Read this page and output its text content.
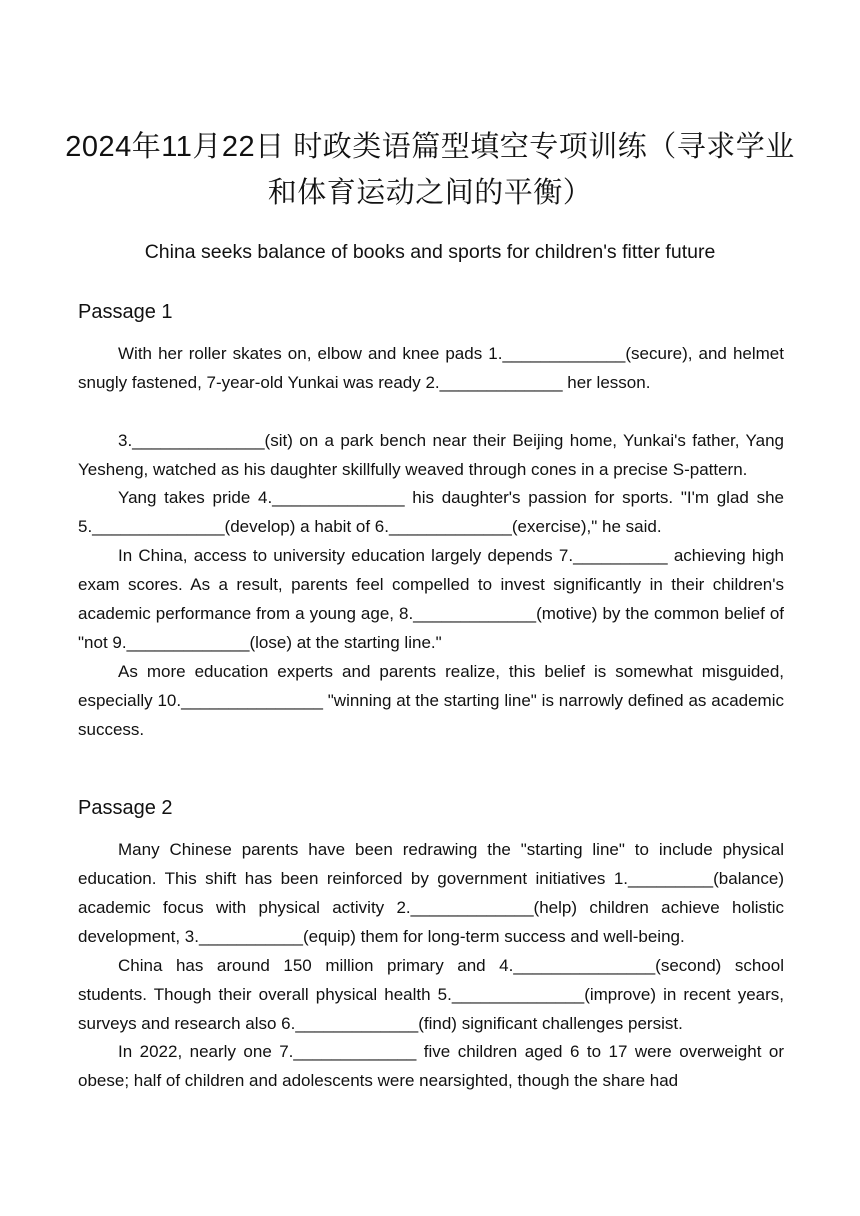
2024年11月22日 时政类语篇型填空专项训练（寻求学业和体育运动之间的平衡）
China seeks balance of books and sports for children's fitter future
Passage 1

With her roller skates on, elbow and knee pads 1._____________(secure), and helmet snugly fastened, 7-year-old Yunkai was ready 2._____________ her lesson.

3.______________(sit) on a park bench near their Beijing home, Yunkai's father, Yang Yesheng, watched as his daughter skillfully weaved through cones in a precise S-pattern.

Yang takes pride 4.______________ his daughter's passion for sports. "I'm glad she 5.______________(develop) a habit of 6._____________(exercise)," he said.

In China, access to university education largely depends 7.__________ achieving high exam scores. As a result, parents feel compelled to invest significantly in their children's academic performance from a young age, 8._____________(motive) by the common belief of "not 9._____________(lose) at the starting line."

As more education experts and parents realize, this belief is somewhat misguided, especially 10._______________ "winning at the starting line" is narrowly defined as academic success.

Passage 2

Many Chinese parents have been redrawing the "starting line" to include physical education. This shift has been reinforced by government initiatives 1._________(balance) academic focus with physical activity 2._____________(help) children achieve holistic development, 3.___________(equip) them for long-term success and well-being.

China has around 150 million primary and 4._______________(second) school students. Though their overall physical health 5.______________(improve) in recent years, surveys and research also 6._____________(find) significant challenges persist.

In 2022, nearly one 7._____________ five children aged 6 to 17 were overweight or obese; half of children and adolescents were nearsighted, though the share had
